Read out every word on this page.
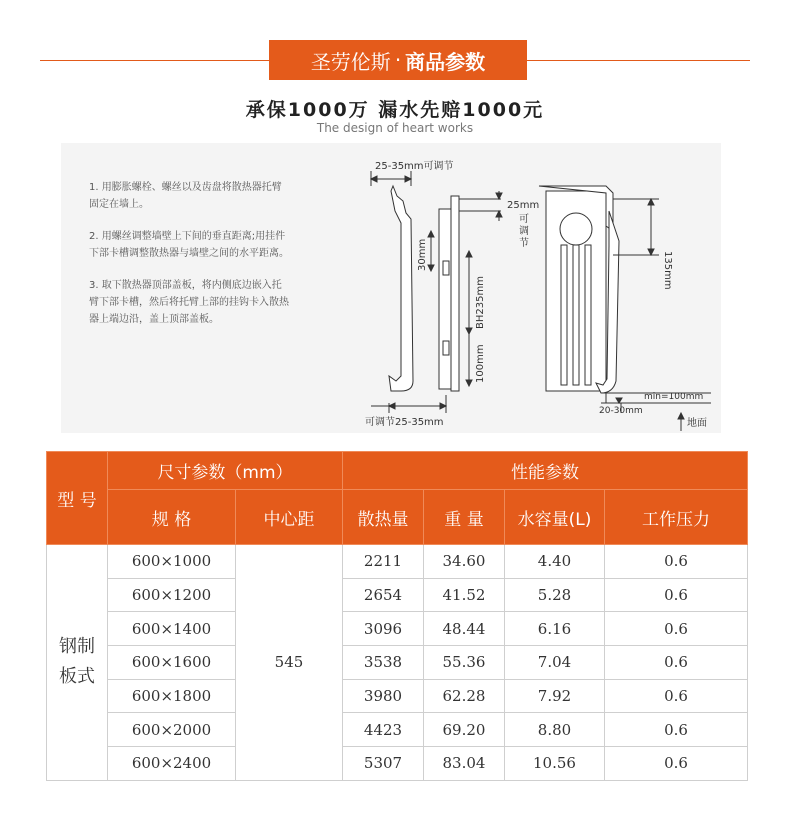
圣劳伦斯 · 商品参数
承保1000万 漏水先赔1000元
The design of heart works
1. 用膨胀螺栓、螺丝以及齿盘将散热器托臂固定在墙上。
2. 用螺丝调整墙壁上下间的垂直距离;用挂件下部卡槽调整散热器与墙壁之间的水平距离。
3. 取下散热器顶部盖板，将内侧底边嵌入托臂下部卡槽，然后将托臂上部的挂钩卡入散热器上端边沿，盖上顶部盖板。
25-35mm可调节
25mm
可
调
节
30mm
BH235mm
100mm
可调节25-35mm
135mm
min=100mm
20-30mm
地面
型 号	尺寸参数（mm）		性能参数			
	规 格	中心距	散热量	重 量	水容量(L)	工作压力

钢制
板式	600×1000	545	2211	34.60	4.40	0.6
	600×1200		2654	41.52	5.28	0.6
	600×1400		3096	48.44	6.16	0.6
	600×1600		3538	55.36	7.04	0.6
	600×1800		3980	62.28	7.92	0.6
	600×2000		4423	69.20	8.80	0.6
	600×2400		5307	83.04	10.56	0.6
